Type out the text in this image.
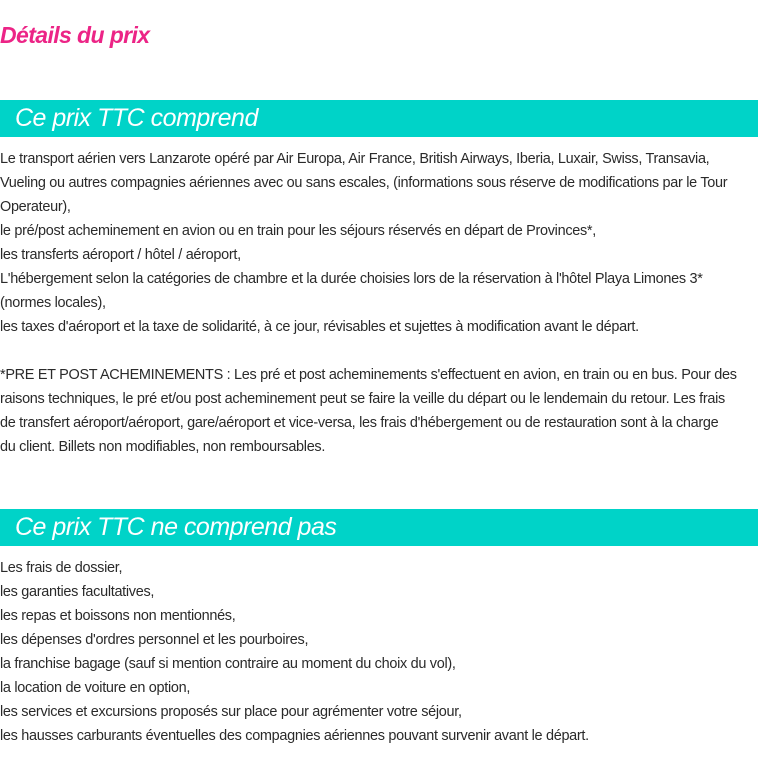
Détails du prix
Ce prix TTC comprend
Le transport aérien vers Lanzarote opéré par Air Europa, Air France, British Airways, Iberia, Luxair, Swiss, Transavia,
Vueling ou autres compagnies aériennes avec ou sans escales, (informations sous réserve de modifications par le Tour
Operateur),
le pré/post acheminement en avion ou en train pour les séjours réservés en départ de Provinces*,
les transferts aéroport / hôtel / aéroport,
L'hébergement selon la catégories de chambre et la durée choisies lors de la réservation à l'hôtel Playa Limones 3*
(normes locales),
les taxes d'aéroport et la taxe de solidarité, à ce jour, révisables et sujettes à modification avant le départ.
*PRE ET POST ACHEMINEMENTS : Les pré et post acheminements s'effectuent en avion, en train ou en bus. Pour des
raisons techniques, le pré et/ou post acheminement peut se faire la veille du départ ou le lendemain du retour. Les frais
de transfert aéroport/aéroport, gare/aéroport et vice-versa, les frais d'hébergement ou de restauration sont à la charge
du client. Billets non modifiables, non remboursables.
Ce prix TTC ne comprend pas
Les frais de dossier,
les garanties facultatives,
les repas et boissons non mentionnés,
les dépenses d'ordres personnel et les pourboires,
la franchise bagage (sauf si mention contraire au moment du choix du vol),
la location de voiture en option,
les services et excursions proposés sur place pour agrémenter votre séjour,
les hausses carburants éventuelles des compagnies aériennes pouvant survenir avant le départ.
